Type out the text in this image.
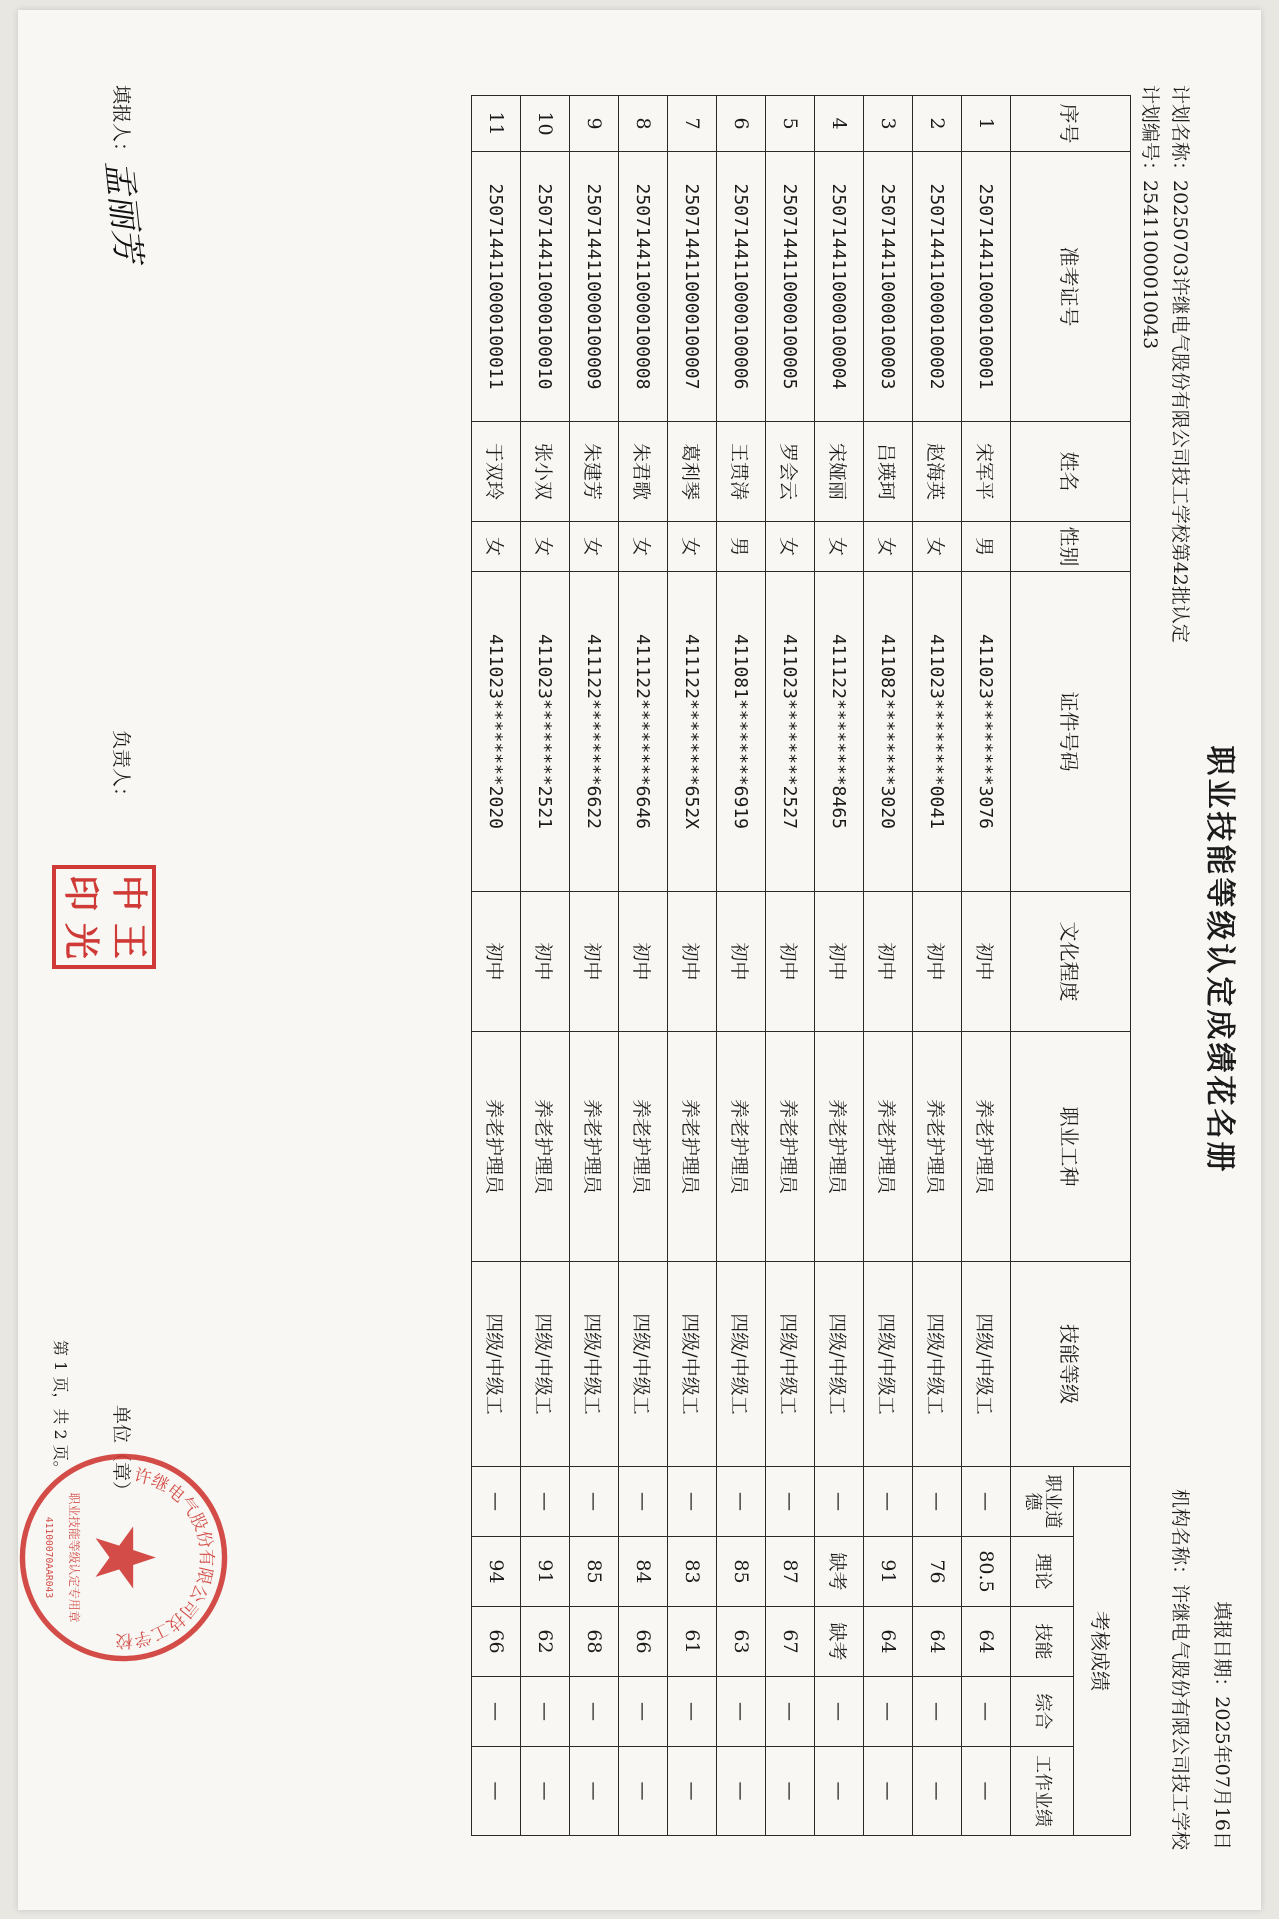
职业技能等级认定成绩花名册
填报日期：2025年07月16日
计划名称：20250703许继电气股份有限公司技工学校第42批认定
机构名称：许继电气股份有限公司技工学校
计划编号：25411000010043
序号	准考证号	姓名	性别	证件号码	文化程度	职业工种	技能等级	考核成绩				
								职业道德	理论	技能	综合	工作业绩
1	2507144110000100001	宋军平	男	411023********3076	初中	养老护理员	四级/中级工	—	80.5	64	—	—
2	2507144110000100002	赵海英	女	411023********0041	初中	养老护理员	四级/中级工	—	76	64	—	—
3	2507144110000100003	吕瑛珂	女	411082********3020	初中	养老护理员	四级/中级工	—	91	64	—	—
4	2507144110000100004	宋娅丽	女	411122********8465	初中	养老护理员	四级/中级工	—	缺考	缺考	—	—
5	2507144110000100005	罗会云	女	411023********2527	初中	养老护理员	四级/中级工	—	87	67	—	—
6	2507144110000100006	王贯涛	男	411081********6919	初中	养老护理员	四级/中级工	—	85	63	—	—
7	2507144110000100007	葛利琴	女	411122********652X	初中	养老护理员	四级/中级工	—	83	61	—	—
8	2507144110000100008	朱君歌	女	411122********6646	初中	养老护理员	四级/中级工	—	84	66	—	—
9	2507144110000100009	朱建芳	女	411122********6622	初中	养老护理员	四级/中级工	—	85	68	—	—
10	2507144110000100010	张小双	女	411023********2521	初中	养老护理员	四级/中级工	—	91	62	—	—
11	2507144110000100011	于双玲	女	411023********2020	初中	养老护理员	四级/中级工	—	94	66	—	—
填报人：
孟丽芳
负责人：
中
王
印
光
单位（章）
第 1 页，共 2 页。
许继电气股份有限公司技工学校
职业技能等级认定专用章
41100070AAR043
